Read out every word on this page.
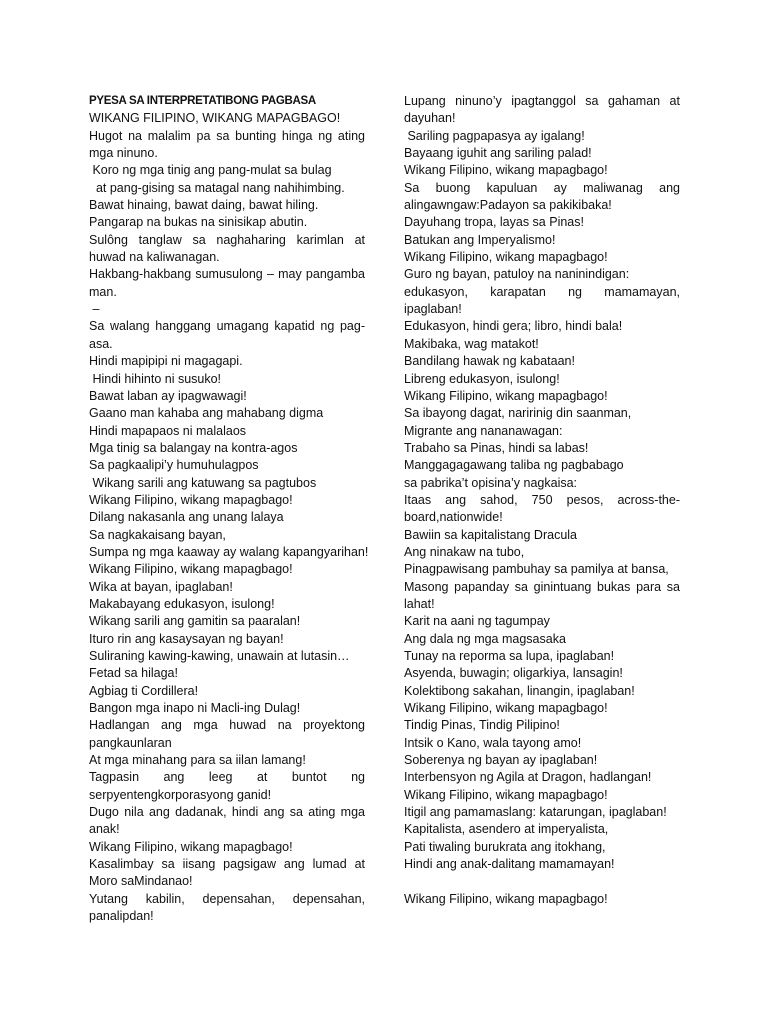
PYESA SA INTERPRETATIBONG PAGBASA
WIKANG FILIPINO, WIKANG MAPAGBAGO!
Hugot na malalim pa sa bunting hinga ng ating
mga ninuno.
Koro ng mga tinig ang pang-mulat sa bulag
at pang-gising sa matagal nang nahihimbing.
Bawat hinaing, bawat daing, bawat hiling.
Pangarap na bukas na sinisikap abutin.
Sulông tanglaw sa naghaharing karimlan at
huwad na kaliwanagan.
Hakbang-hakbang sumusulong – may pangamba
man.
–
Sa walang hanggang umagang kapatid ng pag-
asa.
Hindi mapipipi ni magagapi.
Hindi hihinto ni susuko!
Bawat laban ay ipagwawagi!
Gaano man kahaba ang mahabang digma
Hindi mapapaos ni malalaos
Mga tinig sa balangay na kontra-agos
Sa pagkaalipi’y humuhulagpos
Wikang sarili ang katuwang sa pagtubos
Wikang Filipino, wikang mapagbago!
Dilang nakasanla ang unang lalaya
Sa nagkakaisang bayan,
Sumpa ng mga kaaway ay walang kapangyarihan!
Wikang Filipino, wikang mapagbago!
Wika at bayan, ipaglaban!
Makabayang edukasyon, isulong!
Wikang sarili ang gamitin sa paaralan!
Ituro rin ang kasaysayan ng bayan!
Suliraning kawing-kawing, unawain at lutasin…
Fetad sa hilaga!
Agbiag ti Cordillera!
Bangon mga inapo ni Macli-ing Dulag!
Hadlangan ang mga huwad na proyektong
pangkaunlaran
At mga minahang para sa iilan lamang!
Tagpasin ang leeg at buntot ng
serpyentengkorporasyong ganid!
Dugo nila ang dadanak, hindi ang sa ating mga
anak!
Wikang Filipino, wikang mapagbago!
Kasalimbay sa iisang pagsigaw ang lumad at
Moro saMindanao!
Yutang kabilin, depensahan, depensahan,
panalipdan!
Lupang ninuno’y ipagtanggol sa gahaman at
dayuhan!
Sariling pagpapasya ay igalang!
Bayaang iguhit ang sariling palad!
Wikang Filipino, wikang mapagbago!
Sa buong kapuluan ay maliwanag ang
alingawngaw:Padayon sa pakikibaka!
Dayuhang tropa, layas sa Pinas!
Batukan ang Imperyalismo!
Wikang Filipino, wikang mapagbago!
Guro ng bayan, patuloy na naninindigan:
edukasyon, karapatan ng mamamayan,
ipaglaban!
Edukasyon, hindi gera; libro, hindi bala!
Makibaka, wag matakot!
Bandilang hawak ng kabataan!
Libreng edukasyon, isulong!
Wikang Filipino, wikang mapagbago!
Sa ibayong dagat, naririnig din saanman,
Migrante ang nananawagan:
Trabaho sa Pinas, hindi sa labas!
Manggagagawang taliba ng pagbabago
sa pabrika’t opisina’y nagkaisa:
Itaas ang sahod, 750 pesos, across-the-
board,nationwide!
Bawiin sa kapitalistang Dracula
Ang ninakaw na tubo,
Pinagpawisang pambuhay sa pamilya at bansa,
Masong papanday sa ginintuang bukas para sa
lahat!
Karit na aani ng tagumpay
Ang dala ng mga magsasaka
Tunay na reporma sa lupa, ipaglaban!
Asyenda, buwagin; oligarkiya, lansagin!
Kolektibong sakahan, linangin, ipaglaban!
Wikang Filipino, wikang mapagbago!
Tindig Pinas, Tindig Pilipino!
Intsik o Kano, wala tayong amo!
Soberenya ng bayan ay ipaglaban!
Interbensyon ng Agila at Dragon, hadlangan!
Wikang Filipino, wikang mapagbago!
Itigil ang pamamaslang: katarungan, ipaglaban!
Kapitalista, asendero at imperyalista,
Pati tiwaling burukrata ang itokhang,
Hindi ang anak-dalitang mamamayan!
Wikang Filipino, wikang mapagbago!
